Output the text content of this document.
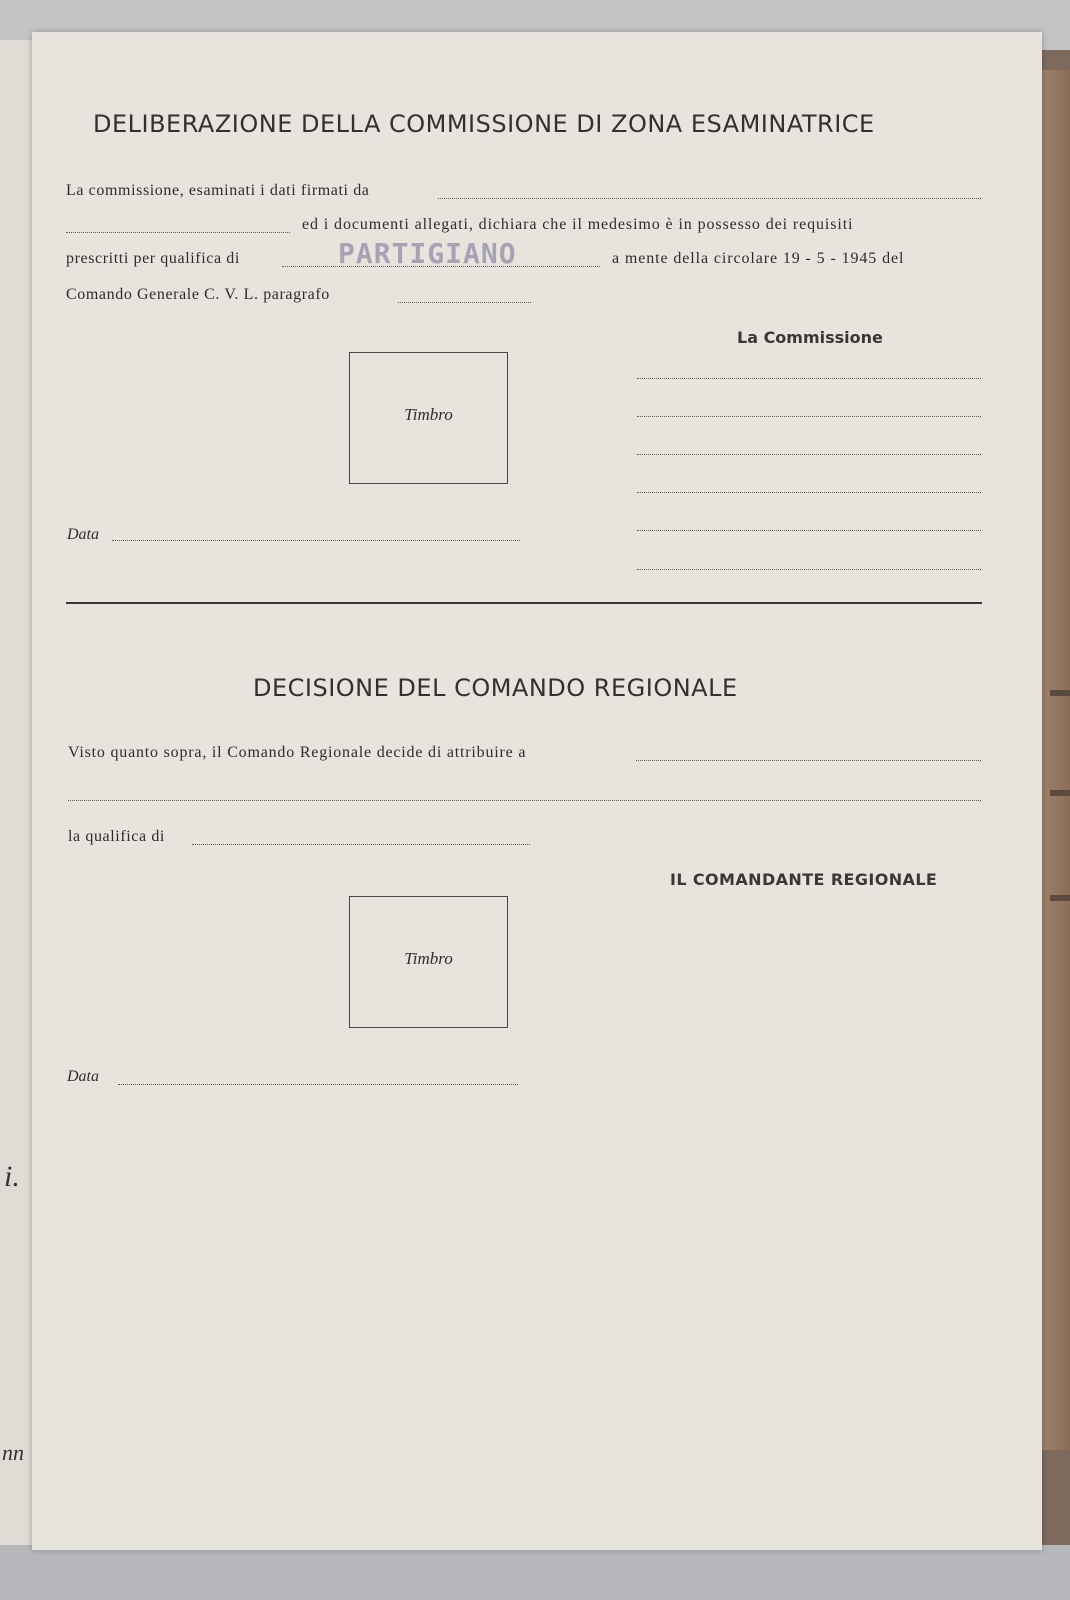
i.
nn
DELIBERAZIONE DELLA COMMISSIONE DI ZONA ESAMINATRICE
La commissione, esaminati i dati firmati da
ed i documenti allegati, dichiara che il medesimo è in possesso dei requisiti
prescritti per qualifica di	PARTIGIANO	a mente della circolare 19 - 5 - 1945 del
Comando Generale C. V. L. paragrafo
La Commissione
Timbro
Data
DECISIONE DEL COMANDO REGIONALE
Visto quanto sopra, il Comando Regionale decide di attribuire a
la qualifica di
IL COMANDANTE REGIONALE
Timbro
Data
